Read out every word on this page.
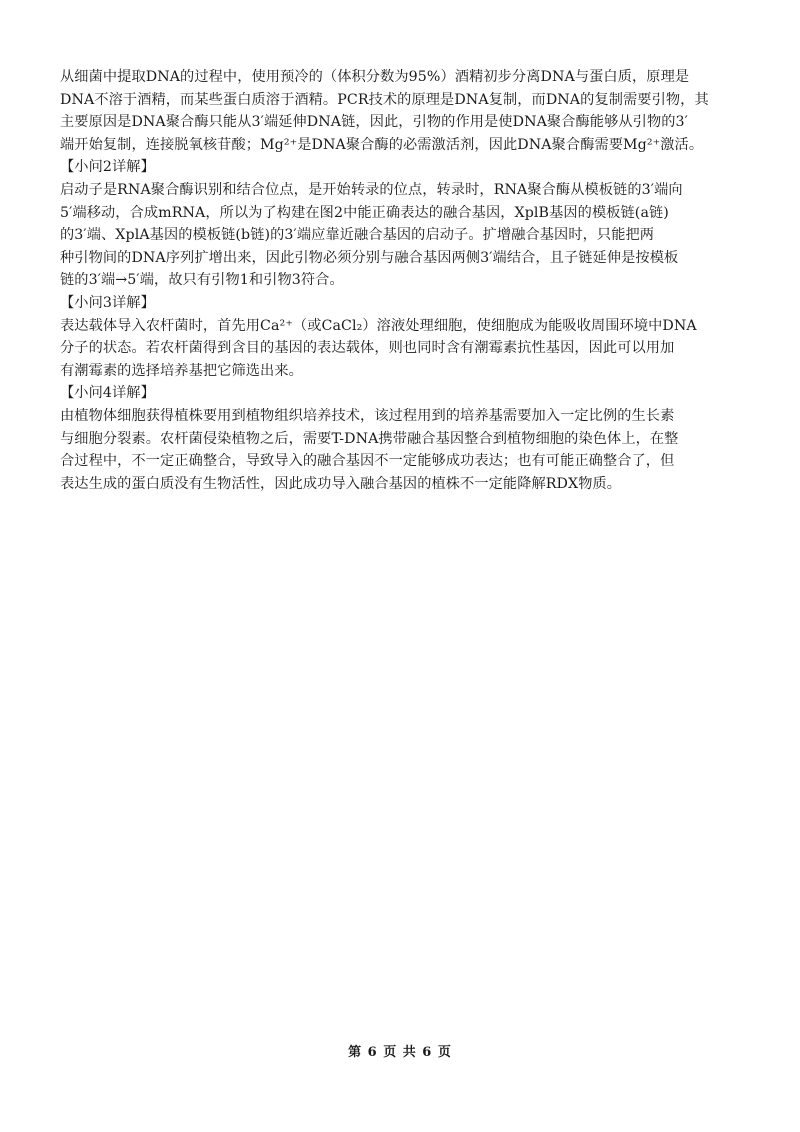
从细菌中提取DNA的过程中，使用预冷的（体积分数为95%）酒精初步分离DNA与蛋白质，原理是
DNA不溶于酒精，而某些蛋白质溶于酒精。PCR技术的原理是DNA复制，而DNA的复制需要引物，其
主要原因是DNA聚合酶只能从3′端延伸DNA链，因此，引物的作用是使DNA聚合酶能够从引物的3′
端开始复制，连接脱氧核苷酸；Mg²⁺是DNA聚合酶的必需激活剂，因此DNA聚合酶需要Mg²⁺激活。
【小问2详解】
启动子是RNA聚合酶识别和结合位点，是开始转录的位点，转录时，RNA聚合酶从模板链的3′端向
5′端移动，合成mRNA，所以为了构建在图2中能正确表达的融合基因，XplB基因的模板链(a链)
的3′端、XplA基因的模板链(b链)的3′端应靠近融合基因的启动子。扩增融合基因时，只能把两
种引物间的DNA序列扩增出来，因此引物必须分别与融合基因两侧3′端结合，且子链延伸是按模板
链的3′端→5′端，故只有引物1和引物3符合。
【小问3详解】
表达载体导入农杆菌时，首先用Ca²⁺（或CaCl₂）溶液处理细胞，使细胞成为能吸收周围环境中DNA
分子的状态。若农杆菌得到含目的基因的表达载体，则也同时含有潮霉素抗性基因，因此可以用加
有潮霉素的选择培养基把它筛选出来。
【小问4详解】
由植物体细胞获得植株要用到植物组织培养技术，该过程用到的培养基需要加入一定比例的生长素
与细胞分裂素。农杆菌侵染植物之后，需要T-DNA携带融合基因整合到植物细胞的染色体上，在整
合过程中，不一定正确整合，导致导入的融合基因不一定能够成功表达；也有可能正确整合了，但
表达生成的蛋白质没有生物活性，因此成功导入融合基因的植株不一定能降解RDX物质。
第 6 页 共 6 页
